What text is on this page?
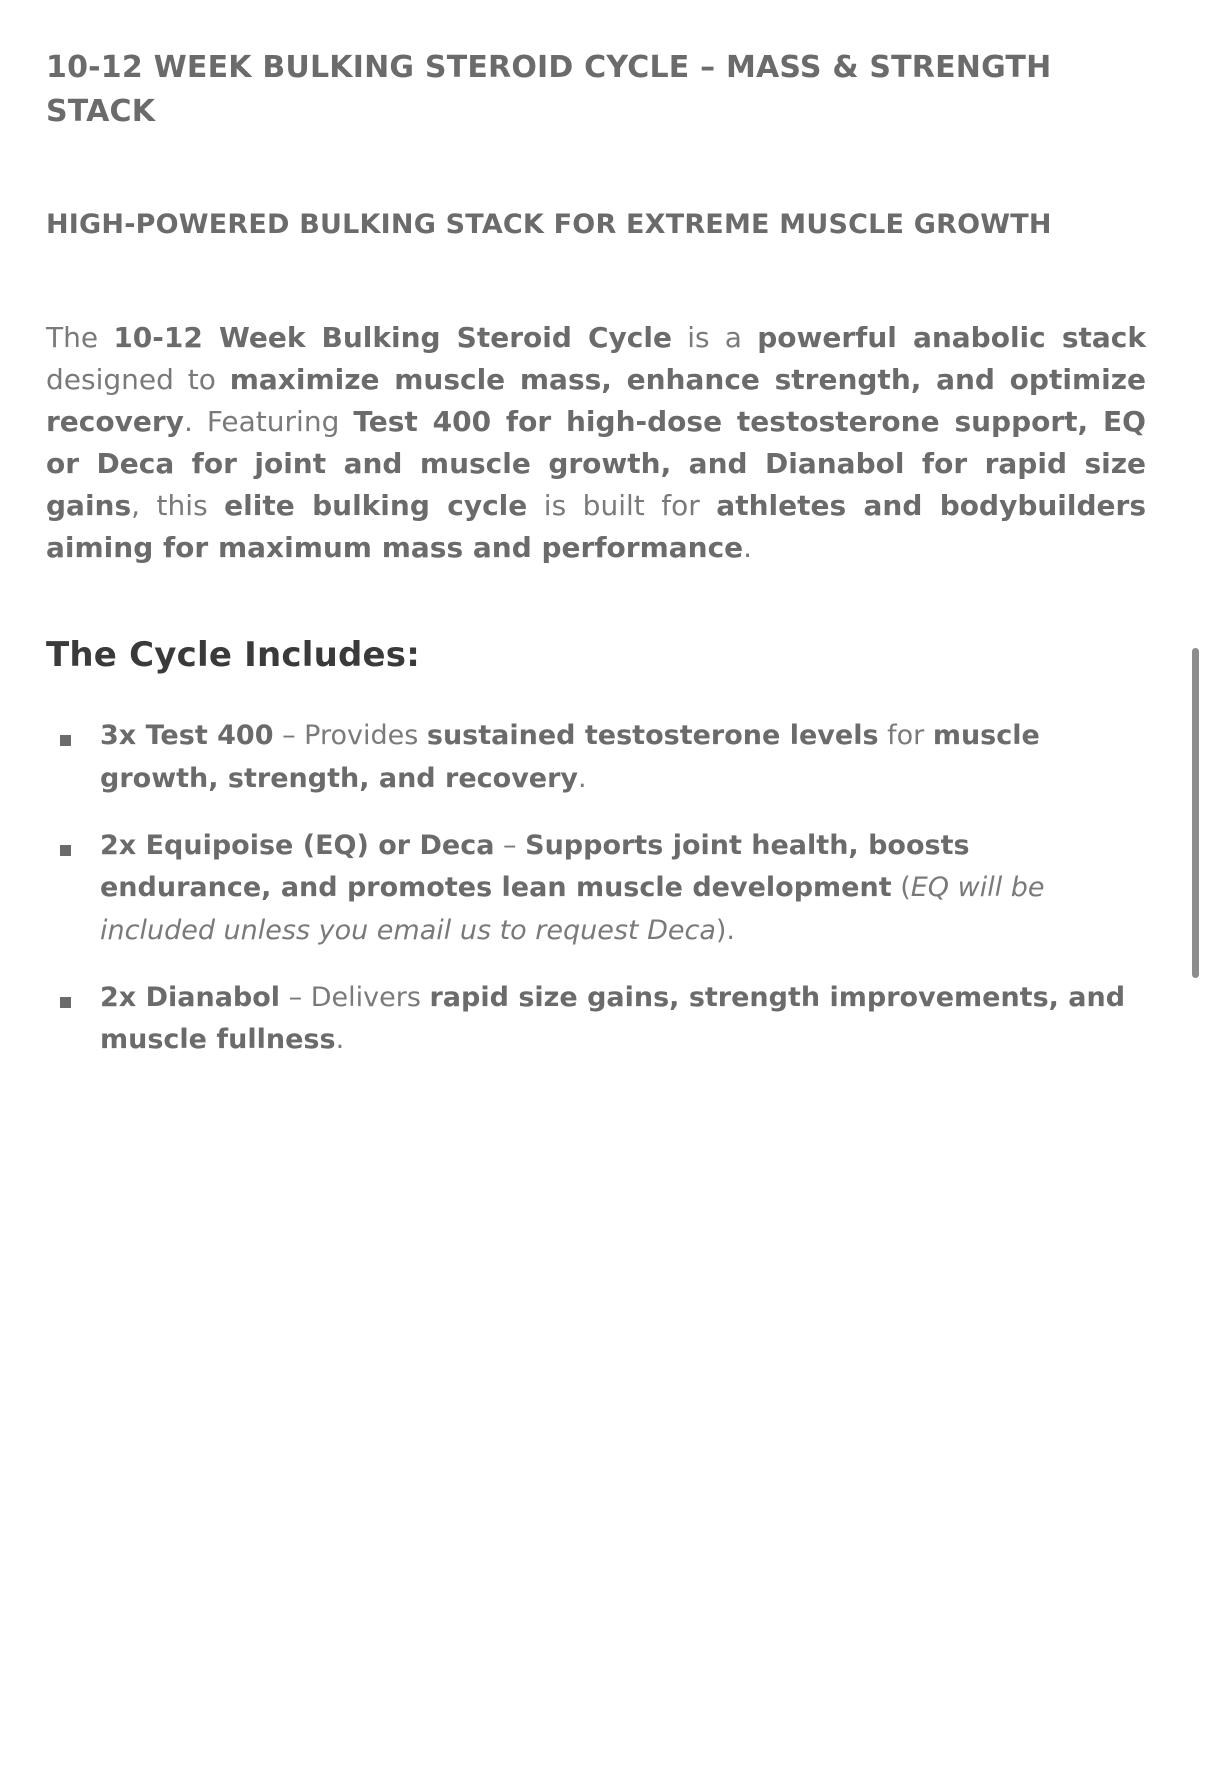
10-12 WEEK BULKING STEROID CYCLE – MASS & STRENGTH STACK
HIGH-POWERED BULKING STACK FOR EXTREME MUSCLE GROWTH

The 10-12 Week Bulking Steroid Cycle is a powerful anabolic stack designed to maximize muscle mass, enhance strength, and optimize recovery. Featuring Test 400 for high-dose testosterone support, EQ or Deca for joint and muscle growth, and Dianabol for rapid size gains, this elite bulking cycle is built for athletes and bodybuilders aiming for maximum mass and performance.

The Cycle Includes:
3x Test 400 – Provides sustained testosterone levels for muscle growth, strength, and recovery.
2x Equipoise (EQ) or Deca – Supports joint health, boosts endurance, and promotes lean muscle development (EQ will be included unless you email us to request Deca).
2x Dianabol – Delivers rapid size gains, strength improvements, and muscle fullness.
